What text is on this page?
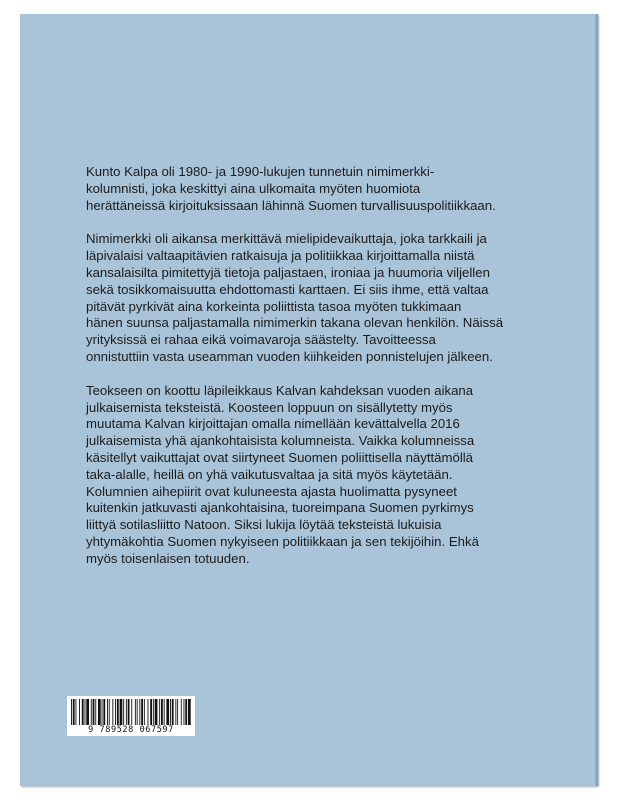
Kunto Kalpa oli 1980- ja 1990-lukujen tunnetuin nimimerkki-
kolumnisti, joka keskittyi aina ulkomaita myöten huomiota
herättäneissä kirjoituksissaan lähinnä Suomen turvallisuuspolitiikkaan.

Nimimerkki oli aikansa merkittävä mielipidevaikuttaja, joka tarkkaili ja
läpivalaisi valtaapitävien ratkaisuja ja politiikkaa kirjoittamalla niistä
kansalaisilta pimitettyjä tietoja paljastaen, ironiaa ja huumoria viljellen
sekä tosikkomaisuutta ehdottomasti karttaen. Ei siis ihme, että valtaa
pitävät pyrkivät aina korkeinta poliittista tasoa myöten tukkimaan
hänen suunsa paljastamalla nimimerkin takana olevan henkilön. Näissä
yrityksissä ei rahaa eikä voimavaroja säästelty. Tavoitteessa
onnistuttiin vasta useamman vuoden kiihkeiden ponnistelujen jälkeen.

Teokseen on koottu läpileikkaus Kalvan kahdeksan vuoden aikana
julkaisemista teksteistä. Koosteen loppuun on sisällytetty myös
muutama Kalvan kirjoittajan omalla nimellään kevättalvella 2016
julkaisemista yhä ajankohtaisista kolumneista. Vaikka kolumneissa
käsitellyt vaikuttajat ovat siirtyneet Suomen poliittisella näyttämöllä
taka-alalle, heillä on yhä vaikutusvaltaa ja sitä myös käytetään.
Kolumnien aihepiirit ovat kuluneesta ajasta huolimatta pysyneet
kuitenkin jatkuvasti ajankohtaisina, tuoreimpana Suomen pyrkimys
liittyä sotilasliitto Natoon. Siksi lukija löytää teksteistä lukuisia
yhtymäkohtia Suomen nykyiseen politiikkaan ja sen tekijöihin. Ehkä
myös toisenlaisen totuuden.

9 789528 067597
